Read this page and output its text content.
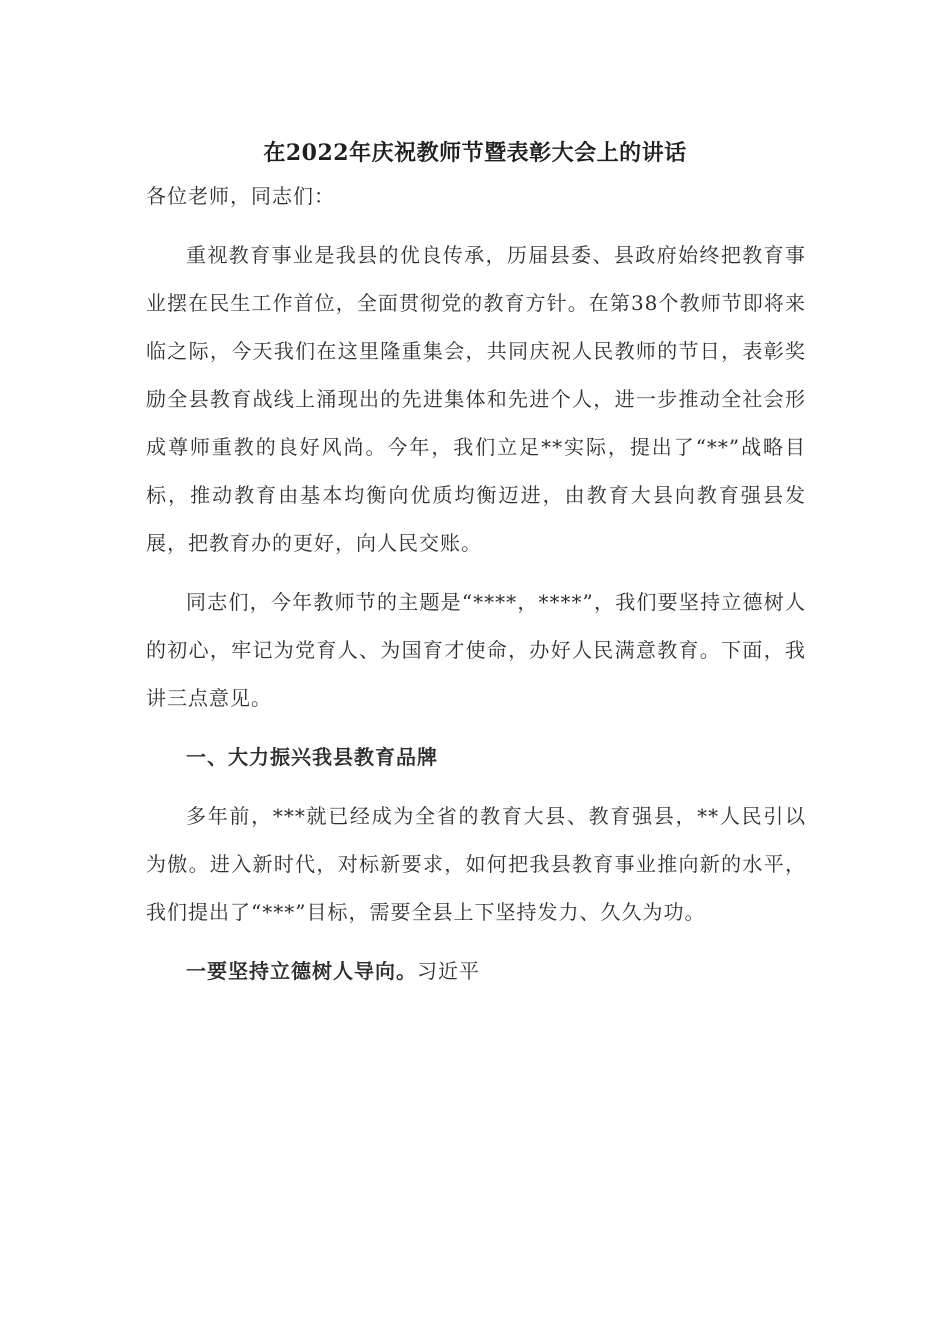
在2022年庆祝教师节暨表彰大会上的讲话

各位老师，同志们：

重视教育事业是我县的优良传承，历届县委、县政府始终把教育事业摆在民生工作首位，全面贯彻党的教育方针。在第38个教师节即将来临之际，今天我们在这里隆重集会，共同庆祝人民教师的节日，表彰奖励全县教育战线上涌现出的先进集体和先进个人，进一步推动全社会形成尊师重教的良好风尚。今年，我们立足**实际，提出了“**”战略目标，推动教育由基本均衡向优质均衡迈进，由教育大县向教育强县发展，把教育办的更好，向人民交账。

同志们，今年教师节的主题是“****，****”，我们要坚持立德树人的初心，牢记为党育人、为国育才使命，办好人民满意教育。下面，我讲三点意见。

一、大力振兴我县教育品牌

多年前，***就已经成为全省的教育大县、教育强县，**人民引以为傲。进入新时代，对标新要求，如何把我县教育事业推向新的水平，我们提出了“***”目标，需要全县上下坚持发力、久久为功。

一要坚持立德树人导向。习近平
